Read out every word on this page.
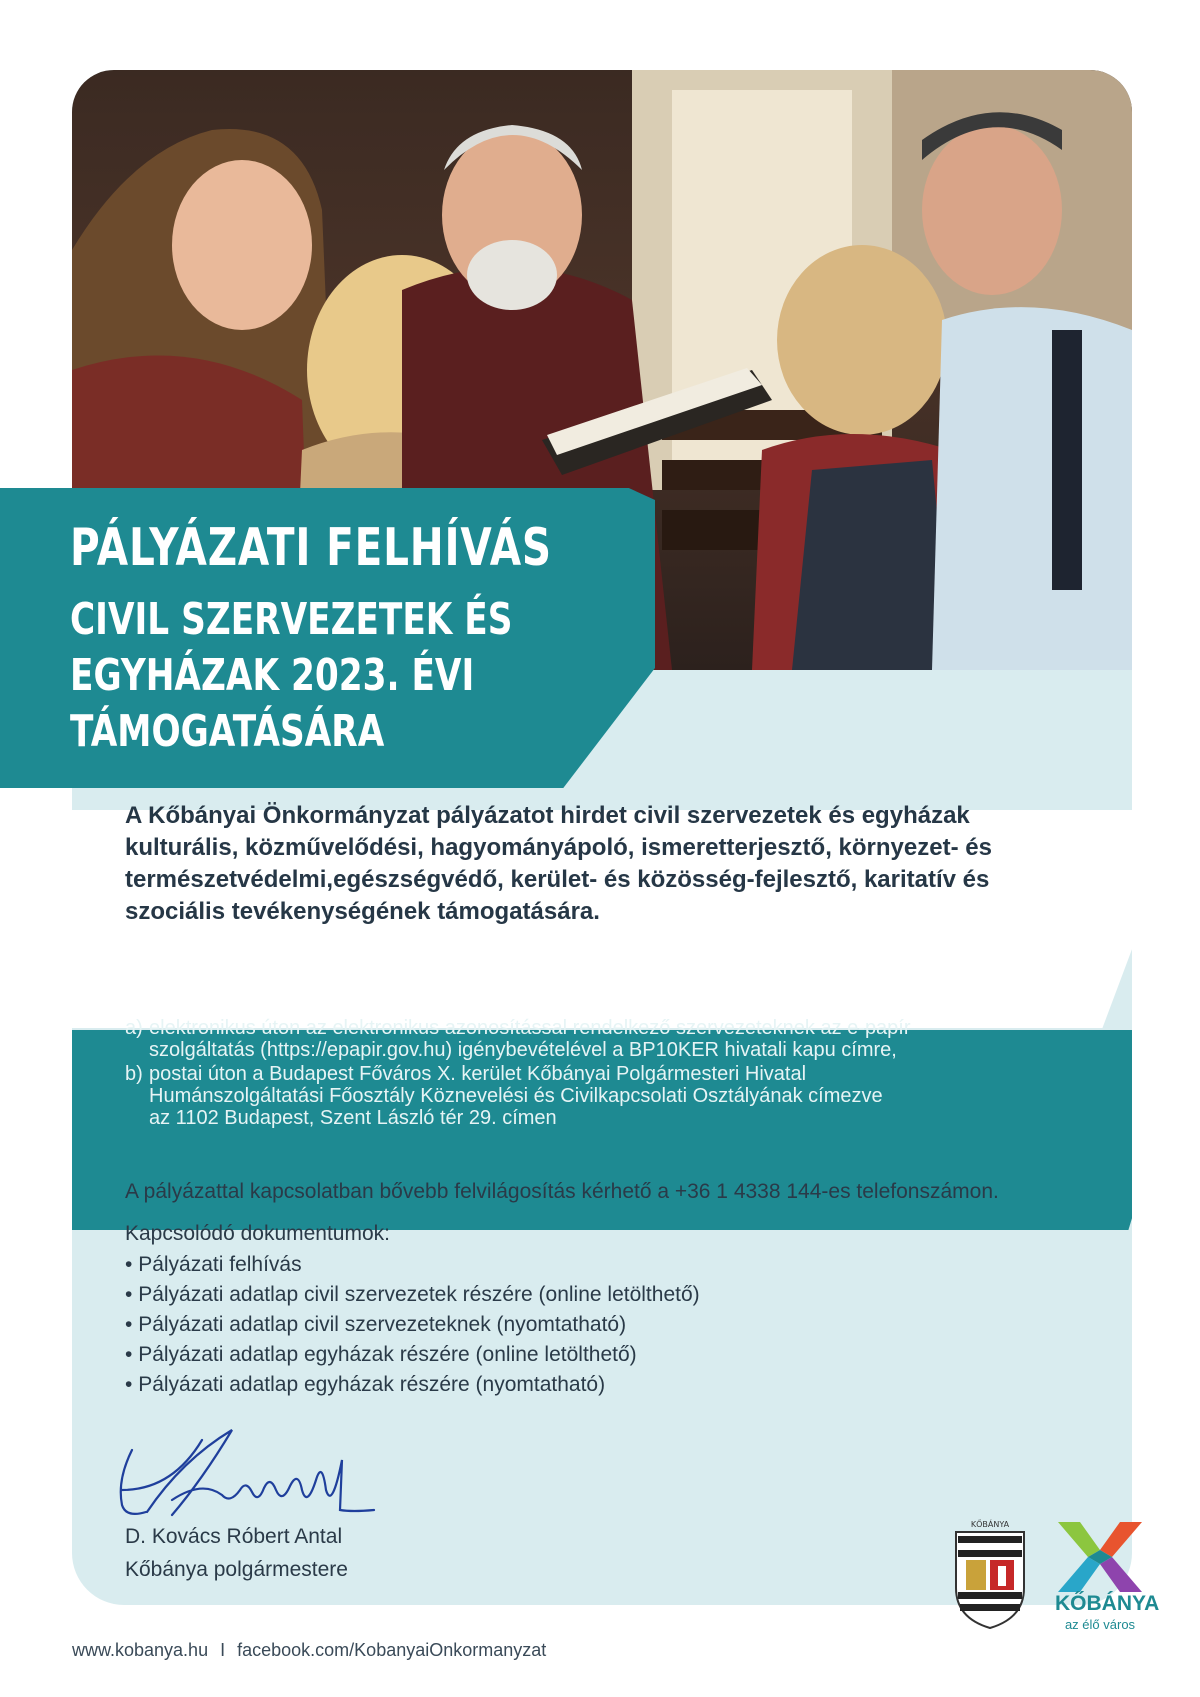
PÁLYÁZATI FELHÍVÁS
CIVIL SZERVEZETEK ÉS
EGYHÁZAK 2023. ÉVI
TÁMOGATÁSÁRA

A Kőbányai Önkormányzat pályázatot hirdet civil szervezetek és egyházak kulturális, közművelődési, hagyományápoló, ismeretterjesztő, környezet- és természetvédelmi,egészségvédő, kerület- és közösség-fejlesztő, karitatív és szociális tevékenységének támogatására.

A pályázatokat 2023. május 15-éig (hétfő) lehet benyújtani

a) elektronikus úton az elektronikus azonosítással rendelkező szervezeteknek az e-papír
szolgáltatás (https://epapir.gov.hu) igénybevételével a BP10KER hivatali kapu címre,

b) postai úton a Budapest Főváros X. kerület Kőbányai Polgármesteri Hivatal
Humánszolgáltatási Főosztály Köznevelési és Civilkapcsolati Osztályának címezve
az 1102 Budapest, Szent László tér 29. címen

A pályázattal kapcsolatban bővebb felvilágosítás kérhető a +36 1 4338 144-es telefonszámon.

Kapcsolódó dokumentumok:

• Pályázati felhívás
• Pályázati adatlap civil szervezetek részére (online letölthető)
• Pályázati adatlap civil szervezeteknek (nyomtatható)
• Pályázati adatlap egyházak részére (online letölthető)
• Pályázati adatlap egyházak részére (nyomtatható)

D. Kovács Róbert Antal

Kőbánya polgármestere

www.kobanya.hu I facebook.com/KobanyaiOnkormanyzat
KŐBÁNYA

KŐBÁNYA

az élő város
